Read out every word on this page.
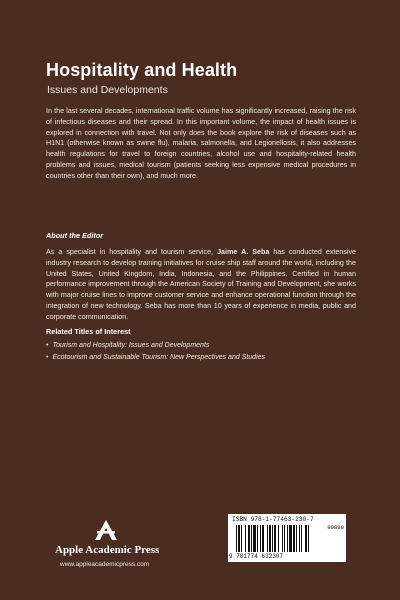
Hospitality and Health
Issues and Developments

In the last several decades, international traffic volume has significantly increased, raising the risk of infectious diseases and their spread. In this important volume, the impact of health issues is explored in connection with travel. Not only does the book explore the risk of diseases such as H1N1 (otherwise known as swine flu), malaria, salmonella, and Legionellosis, it also addresses health regulations for travel to foreign countries, alcohol use and hospitality-related health problems and issues, medical tourism (patients seeking less expensive medical procedures in countries other than their own), and much more.

About the Editor

As a specialist in hospitality and tourism service, Jaime A. Seba has conducted extensive industry research to develop training initiatives for cruise ship staff around the world, including the United States, United Kingdom, India, Indonesia, and the Philippines. Certified in human performance improvement through the American Society of Training and Development, she works with major cruise lines to improve customer service and enhance operational function through the integration of new technology. Seba has more than 10 years of experience in media, public and corporate communication.

Related Titles of Interest
• Tourism and Hospitality: Issues and Developments
• Ecotourism and Sustainable Tourism: New Perspectives and Studies
Apple Academic Press
www.appleacademicpress.com
ISBN 978-1-77463-230-7
90000
9 781774 632307
